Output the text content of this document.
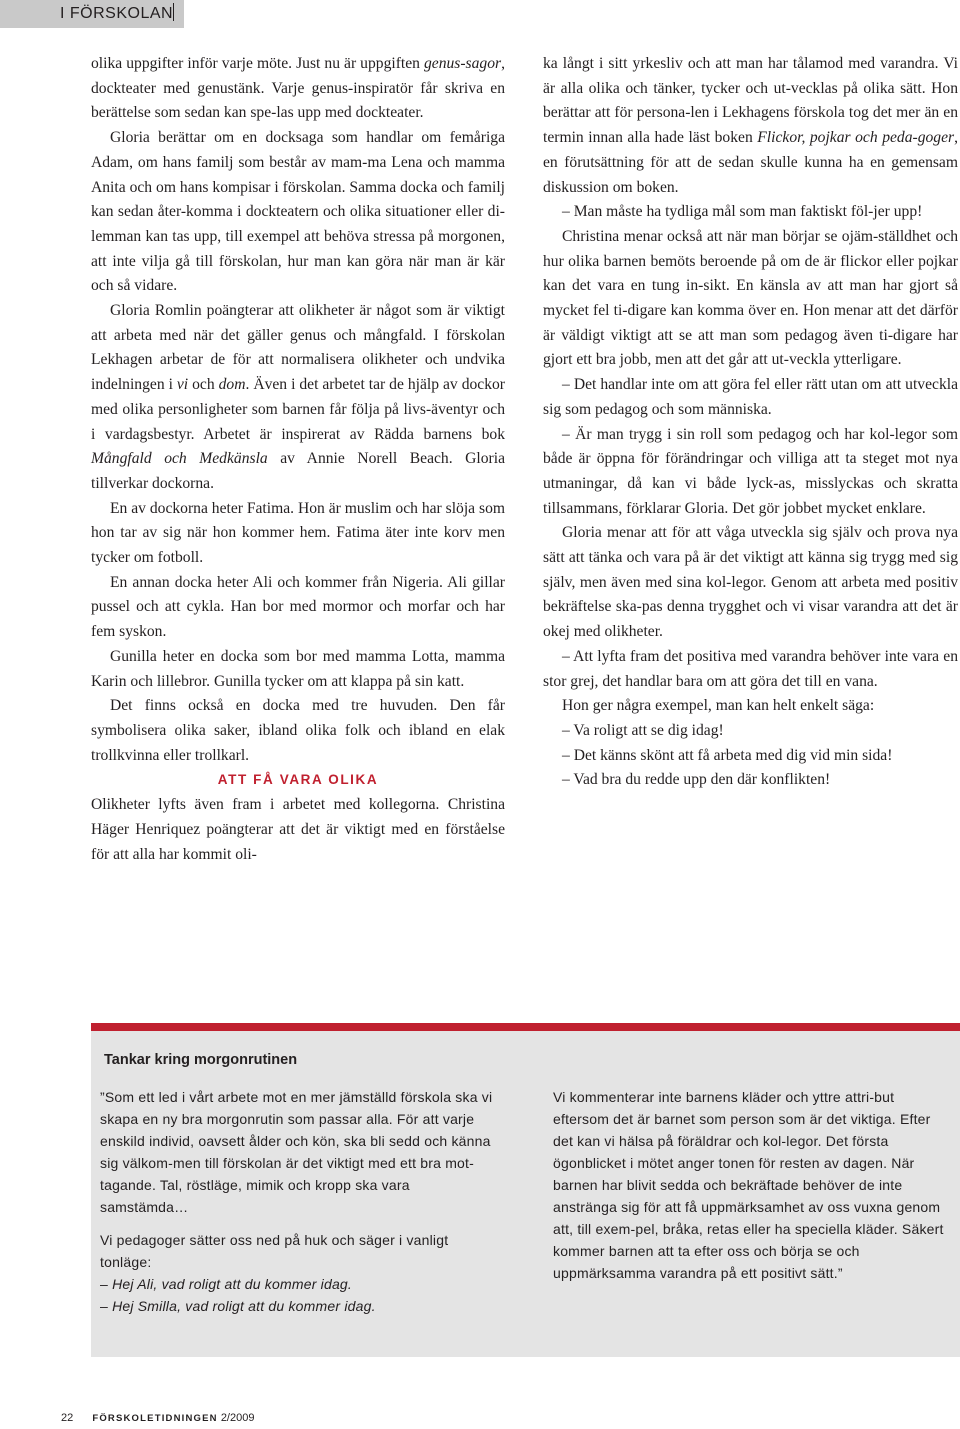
I FÖRSKOLAN

olika uppgifter inför varje möte. Just nu är uppgiften genus-sagor, dockteater med genustänk. Varje genus-inspiratör får skriva en berättelse som sedan kan spe-las upp med dockteater.

Gloria berättar om en docksaga som handlar om femåriga Adam, om hans familj som består av mam-ma Lena och mamma Anita och om hans kompisar i förskolan. Samma docka och familj kan sedan åter-komma i dockteatern och olika situationer eller di-lemman kan tas upp, till exempel att behöva stressa på morgonen, att inte vilja gå till förskolan, hur man kan göra när man är kär och så vidare.

Gloria Romlin poängterar att olikheter är något som är viktigt att arbeta med när det gäller genus och mångfald. I förskolan Lekhagen arbetar de för att normalisera olikheter och undvika indelningen i vi och dom. Även i det arbetet tar de hjälp av dockor med olika personligheter som barnen får följa på livs-äventyr och i vardagsbestyr. Arbetet är inspirerat av Rädda barnens bok Mångfald och Medkänsla av Annie Norell Beach. Gloria tillverkar dockorna.

En av dockorna heter Fatima. Hon är muslim och har slöja som hon tar av sig när hon kommer hem. Fatima äter inte korv men tycker om fotboll.

En annan docka heter Ali och kommer från Nigeria. Ali gillar pussel och att cykla. Han bor med mormor och morfar och har fem syskon.

Gunilla heter en docka som bor med mamma Lotta, mamma Karin och lillebror. Gunilla tycker om att klappa på sin katt.

Det finns också en docka med tre huvuden. Den får symbolisera olika saker, ibland olika folk och ibland en elak trollkvinna eller trollkarl.

ATT FÅ VARA OLIKA

Olikheter lyfts även fram i arbetet med kollegorna. Christina Häger Henriquez poängterar att det är viktigt med en förståelse för att alla har kommit oli-

ka långt i sitt yrkesliv och att man har tålamod med varandra. Vi är alla olika och tänker, tycker och ut-vecklas på olika sätt. Hon berättar att för persona-len i Lekhagens förskola tog det mer än en termin innan alla hade läst boken Flickor, pojkar och peda-goger, en förutsättning för att de sedan skulle kunna ha en gemensam diskussion om boken.

– Man måste ha tydliga mål som man faktiskt föl-jer upp!

Christina menar också att när man börjar se ojäm-ställdhet och hur olika barnen bemöts beroende på om de är flickor eller pojkar kan det vara en tung in-sikt. En känsla av att man har gjort så mycket fel ti-digare kan komma över en. Hon menar att det därför är väldigt viktigt att se att man som pedagog även ti-digare har gjort ett bra jobb, men att det går att ut-veckla ytterligare.

– Det handlar inte om att göra fel eller rätt utan om att utveckla sig som pedagog och som människa.

– Är man trygg i sin roll som pedagog och har kol-legor som både är öppna för förändringar och villiga att ta steget mot nya utmaningar, då kan vi både lyck-as, misslyckas och skratta tillsammans, förklarar Gloria. Det gör jobbet mycket enklare.

Gloria menar att för att våga utveckla sig själv och prova nya sätt att tänka och vara på är det viktigt att känna sig trygg med sig själv, men även med sina kol-legor. Genom att arbeta med positiv bekräftelse ska-pas denna trygghet och vi visar varandra att det är okej med olikheter.

– Att lyfta fram det positiva med varandra behöver inte vara en stor grej, det handlar bara om att göra det till en vana.

Hon ger några exempel, man kan helt enkelt säga:

– Va roligt att se dig idag!

– Det känns skönt att få arbeta med dig vid min sida!

– Vad bra du redde upp den där konflikten!

Tankar kring morgonrutinen

”Som ett led i vårt arbete mot en mer jämställd förskola ska vi skapa en ny bra morgonrutin som passar alla. För att varje enskild individ, oavsett ålder och kön, ska bli sedd och känna sig välkom-men till förskolan är det viktigt med ett bra mot-tagande. Tal, röstläge, mimik och kropp ska vara samstämda…

Vi pedagoger sätter oss ned på huk och säger i vanligt tonläge:
– Hej Ali, vad roligt att du kommer idag.
– Hej Smilla, vad roligt att du kommer idag.

Vi kommenterar inte barnens kläder och yttre attri-but eftersom det är barnet som person som är det viktiga. Efter det kan vi hälsa på föräldrar och kol-legor. Det första ögonblicket i mötet anger tonen för resten av dagen. När barnen har blivit sedda och bekräftade behöver de inte anstränga sig för att få uppmärksamhet av oss vuxna genom att, till exem-pel, bråka, retas eller ha speciella kläder. Säkert kommer barnen att ta efter oss och börja se och uppmärksamma varandra på ett positivt sätt.”

22 FÖRSKOLETIDNINGEN 2/2009
